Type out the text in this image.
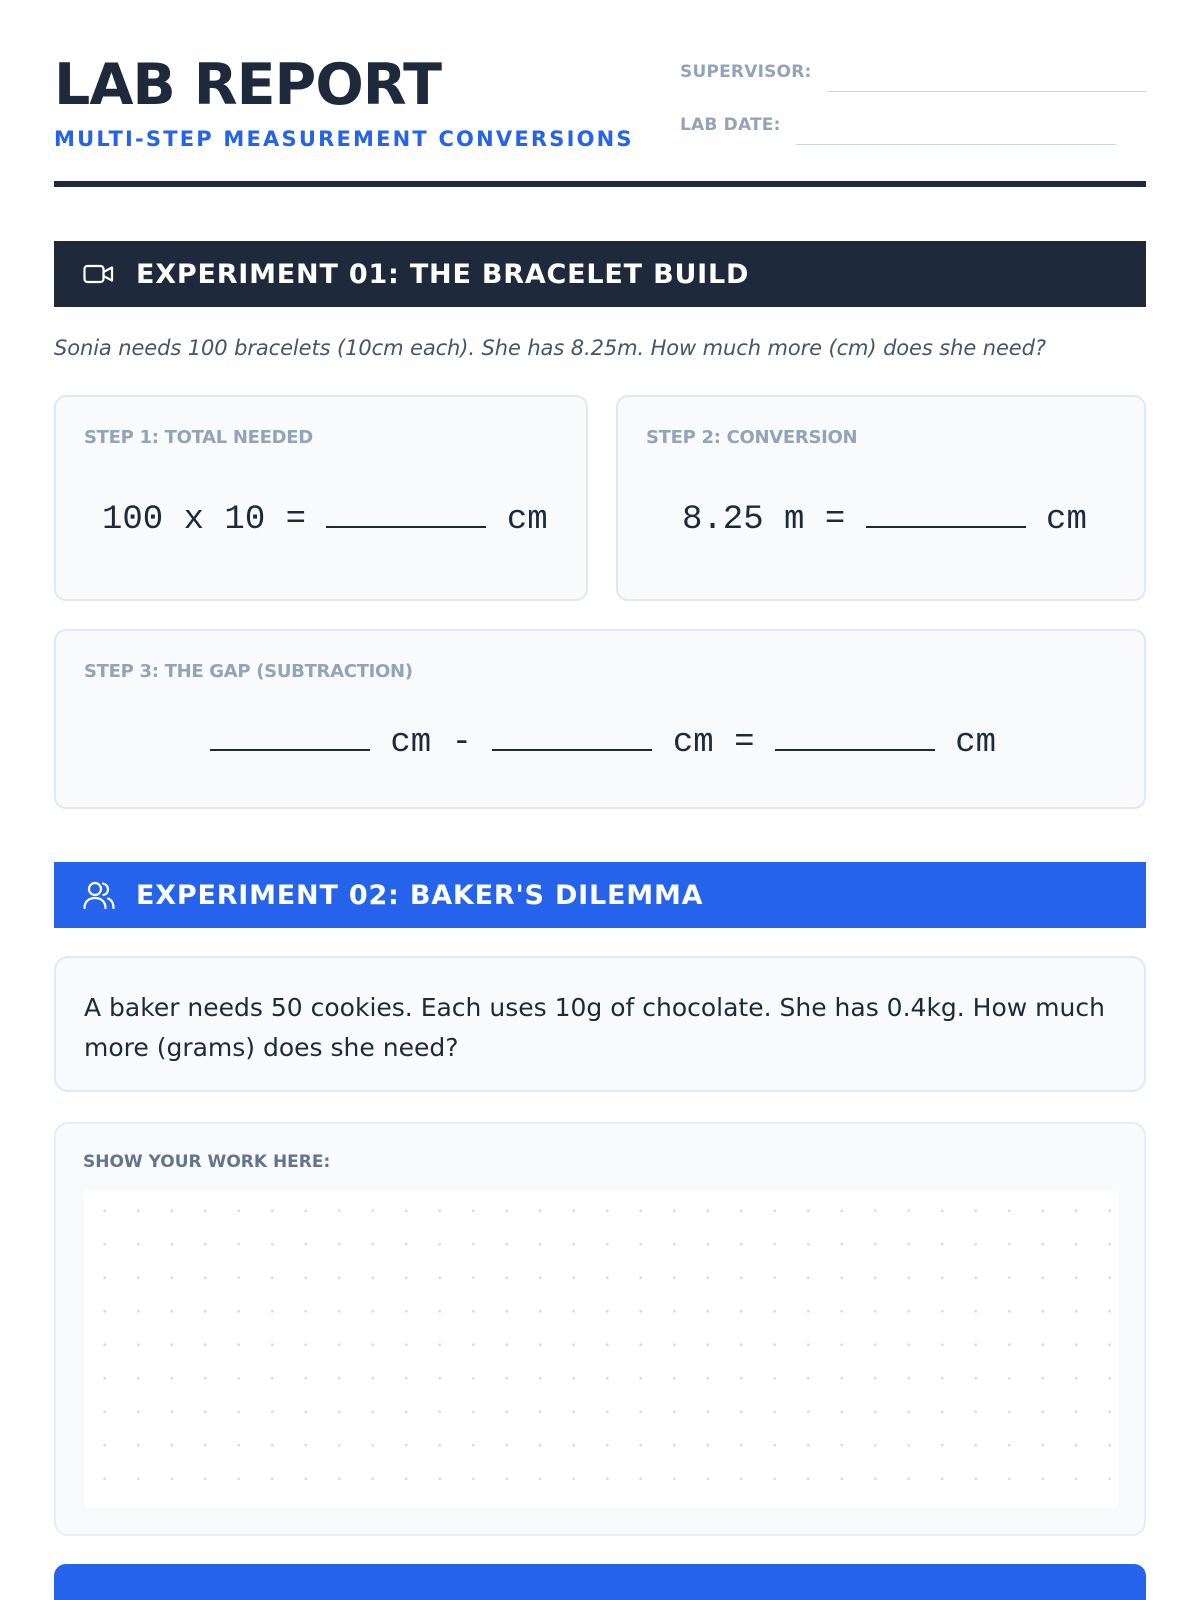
LAB REPORT
MULTI-STEP MEASUREMENT CONVERSIONS
SUPERVISOR:
LAB DATE:
EXPERIMENT 01: THE BRACELET BUILD
Sonia needs 100 bracelets (10cm each). She has 8.25m. How much more (cm) does she need?
STEP 1: TOTAL NEEDED
100 x 10 =	cm
STEP 2: CONVERSION
8.25 m =	cm
STEP 3: THE GAP (SUBTRACTION)
cm -	cm =	cm
EXPERIMENT 02: BAKER'S DILEMMA

A baker needs 50 cookies. Each uses 10g of chocolate. She has 0.4kg. How much more (grams) does she need?

SHOW YOUR WORK HERE:
